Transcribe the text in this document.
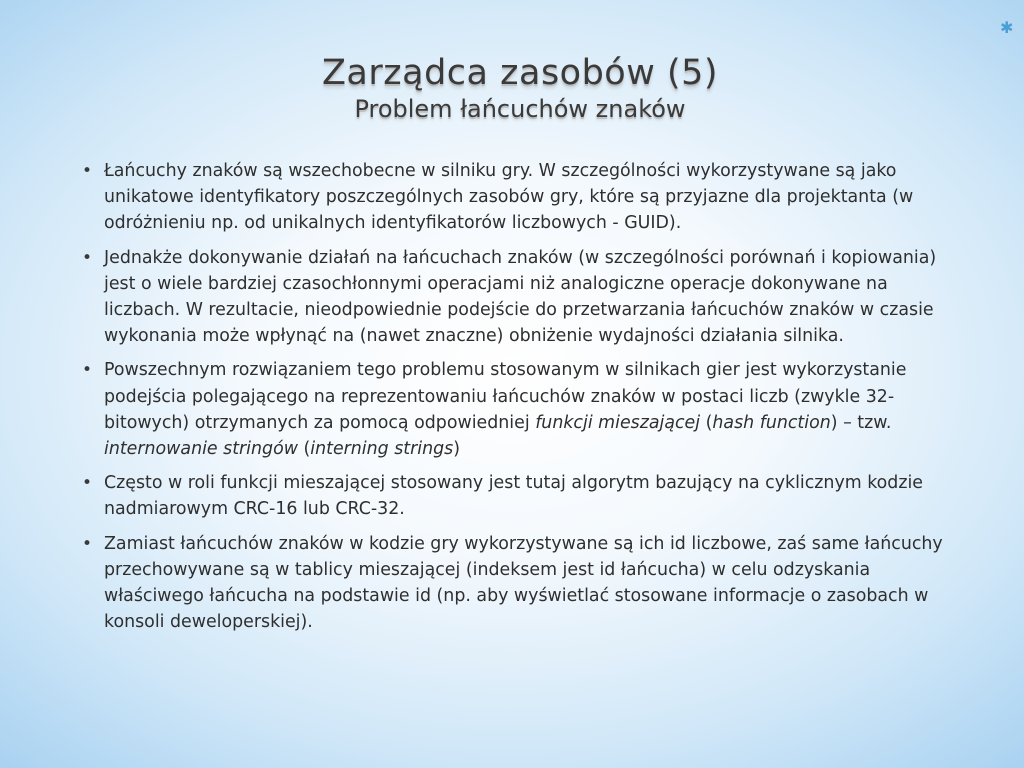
✱
Zarządca zasobów (5)
Problem łańcuchów znaków
• Łańcuchy znaków są wszechobecne w silniku gry. W szczególności wykorzystywane są jako unikatowe identyfikatory poszczególnych zasobów gry, które są przyjazne dla projektanta (w odróżnieniu np. od unikalnych identyfikatorów liczbowych - GUID).
• Jednakże dokonywanie działań na łańcuchach znaków (w szczególności porównań i kopiowania) jest o wiele bardziej czasochłonnymi operacjami niż analogiczne operacje dokonywane na liczbach. W rezultacie, nieodpowiednie podejście do przetwarzania łańcuchów znaków w czasie wykonania może wpłynąć na (nawet znaczne) obniżenie wydajności działania silnika.
• Powszechnym rozwiązaniem tego problemu stosowanym w silnikach gier jest wykorzystanie podejścia polegającego na reprezentowaniu łańcuchów znaków w postaci liczb (zwykle 32-bitowych) otrzymanych za pomocą odpowiedniej funkcji mieszającej (hash function) – tzw. internowanie stringów (interning strings)
• Często w roli funkcji mieszającej stosowany jest tutaj algorytm bazujący na cyklicznym kodzie nadmiarowym CRC-16 lub CRC-32.
• Zamiast łańcuchów znaków w kodzie gry wykorzystywane są ich id liczbowe, zaś same łańcuchy przechowywane są w tablicy mieszającej (indeksem jest id łańcucha) w celu odzyskania właściwego łańcucha na podstawie id (np. aby wyświetlać stosowane informacje o zasobach w konsoli deweloperskiej).
